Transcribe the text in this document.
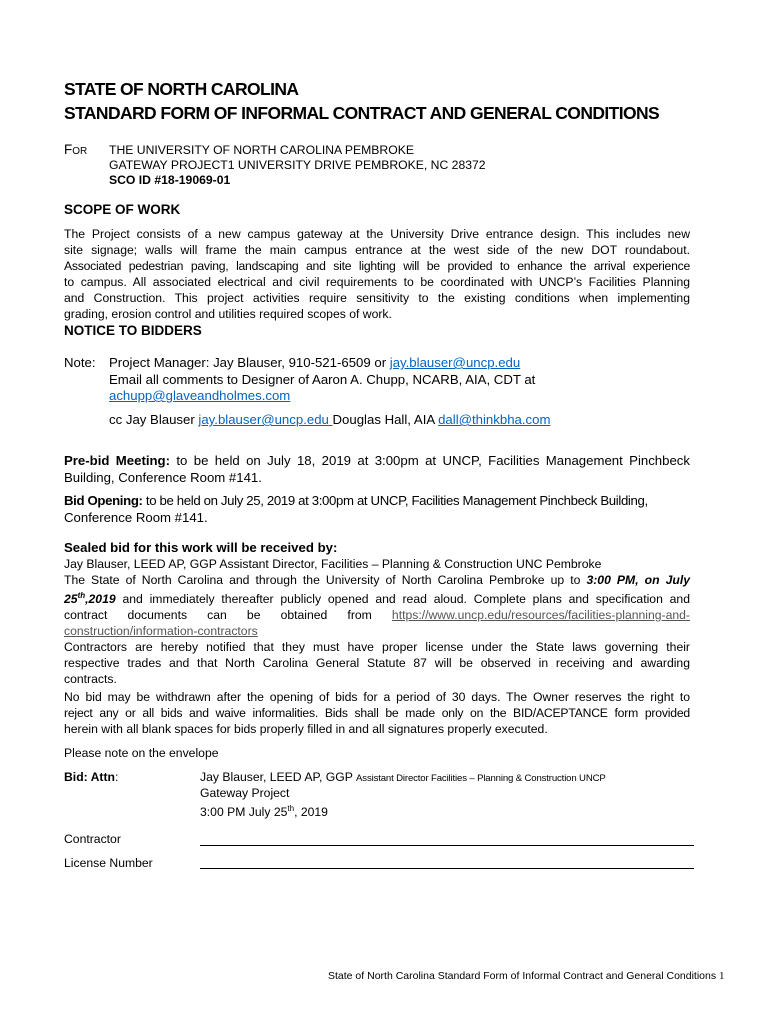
STATE OF NORTH CAROLINA
STANDARD FORM OF INFORMAL CONTRACT AND GENERAL CONDITIONS
FOR THE UNIVERSITY OF NORTH CAROLINA PEMBROKE
GATEWAY PROJECT1 UNIVERSITY DRIVE PEMBROKE, NC 28372
SCO ID #18-19069-01
SCOPE OF WORK
The Project consists of a new campus gateway at the University Drive entrance design. This includes new
site signage; walls will frame the main campus entrance at the west side of the new DOT roundabout.
Associated pedestrian paving, landscaping and site lighting will be provided to enhance the arrival experience
to campus. All associated electrical and civil requirements to be coordinated with UNCP’s Facilities Planning
and Construction. This project activities require sensitivity to the existing conditions when implementing
grading, erosion control and utilities required scopes of work.
NOTICE TO BIDDERS
Note: Project Manager: Jay Blauser, 910-521-6509 or jay.blauser@uncp.edu
Email all comments to Designer of Aaron A. Chupp, NCARB, AIA, CDT at
achupp@glaveandholmes.com
cc Jay Blauser jay.blauser@uncp.edu Douglas Hall, AIA dall@thinkbha.com
Pre-bid Meeting: to be held on July 18, 2019 at 3:00pm at UNCP, Facilities Management Pinchbeck
Building, Conference Room #141.
Bid Opening: to be held on July 25, 2019 at 3:00pm at UNCP, Facilities Management Pinchbeck Building,
Conference Room #141.
Sealed bid for this work will be received by:
Jay Blauser, LEED AP, GGP Assistant Director, Facilities – Planning & Construction UNC Pembroke
The State of North Carolina and through the University of North Carolina Pembroke up to 3:00 PM, on July
25th,2019 and immediately thereafter publicly opened and read aloud. Complete plans and specification and
contract documents can be obtained from https://www.uncp.edu/resources/facilities-planning-and-
construction/information-contractors
Contractors are hereby notified that they must have proper license under the State laws governing their
respective trades and that North Carolina General Statute 87 will be observed in receiving and awarding
contracts.
No bid may be withdrawn after the opening of bids for a period of 30 days. The Owner reserves the right to
reject any or all bids and waive informalities. Bids shall be made only on the BID/ACEPTANCE form provided
herein with all blank spaces for bids properly filled in and all signatures properly executed.
Please note on the envelope
Bid: Attn:	Jay Blauser, LEED AP, GGP Assistant Director Facilities – Planning & Construction UNCP
Gateway Project
3:00 PM July 25th, 2019
Contractor
License Number
State of North Carolina Standard Form of Informal Contract and General Conditions 1
